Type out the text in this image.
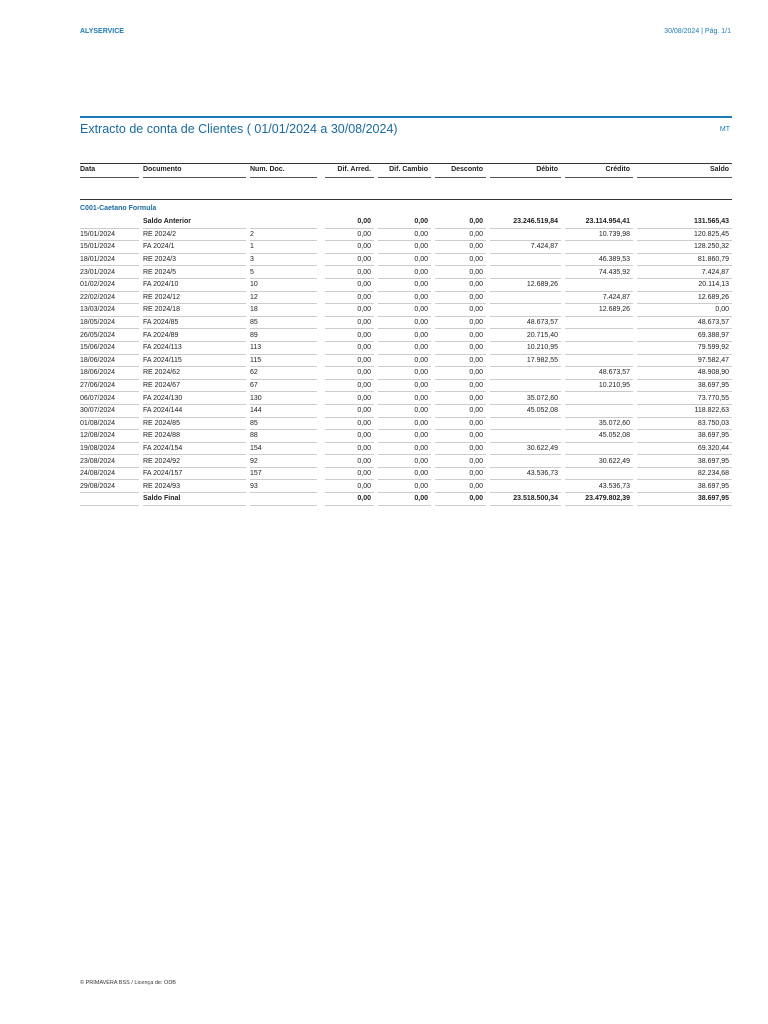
ALYSERVICE	30/08/2024 | Pág. 1/1
Extracto de conta de Clientes ( 01/01/2024 a 30/08/2024)	MT
Data	Documento	Num. Doc.	Dif. Arred.	Dif. Cambio	Desconto	Débito	Crédito	Saldo

C001-Caetano Formula								
	Saldo Anterior		0,00	0,00	0,00	23.246.519,84	23.114.954,41	131.565,43
15/01/2024	RE 2024/2	2	0,00	0,00	0,00		10.739,98	120.825,45
15/01/2024	FA 2024/1	1	0,00	0,00	0,00	7.424,87		128.250,32
18/01/2024	RE 2024/3	3	0,00	0,00	0,00		46.389,53	81.860,79
23/01/2024	RE 2024/5	5	0,00	0,00	0,00		74.435,92	7.424,87
01/02/2024	FA 2024/10	10	0,00	0,00	0,00	12.689,26		20.114,13
22/02/2024	RE 2024/12	12	0,00	0,00	0,00		7.424,87	12.689,26
13/03/2024	RE 2024/18	18	0,00	0,00	0,00		12.689,26	0,00
18/05/2024	FA 2024/85	85	0,00	0,00	0,00	48.673,57		48.673,57
26/05/2024	FA 2024/89	89	0,00	0,00	0,00	20.715,40		69.388,97
15/06/2024	FA 2024/113	113	0,00	0,00	0,00	10.210,95		79.599,92
18/06/2024	FA 2024/115	115	0,00	0,00	0,00	17.982,55		97.582,47
18/06/2024	RE 2024/62	62	0,00	0,00	0,00		48.673,57	48.908,90
27/06/2024	RE 2024/67	67	0,00	0,00	0,00		10.210,95	38.697,95
06/07/2024	FA 2024/130	130	0,00	0,00	0,00	35.072,60		73.770,55
30/07/2024	FA 2024/144	144	0,00	0,00	0,00	45.052,08		118.822,63
01/08/2024	RE 2024/85	85	0,00	0,00	0,00		35.072,60	83.750,03
12/08/2024	RE 2024/88	88	0,00	0,00	0,00		45.052,08	38.697,95
19/08/2024	FA 2024/154	154	0,00	0,00	0,00	30.622,49		69.320,44
23/08/2024	RE 2024/92	92	0,00	0,00	0,00		30.622,49	38.697,95
24/08/2024	FA 2024/157	157	0,00	0,00	0,00	43.536,73		82.234,68
29/08/2024	RE 2024/93	93	0,00	0,00	0,00		43.536,73	38.697,95
	Saldo Final		0,00	0,00	0,00	23.518.500,34	23.479.802,39	38.697,95
© PRIMAVERA BSS / Licença de: ODB
